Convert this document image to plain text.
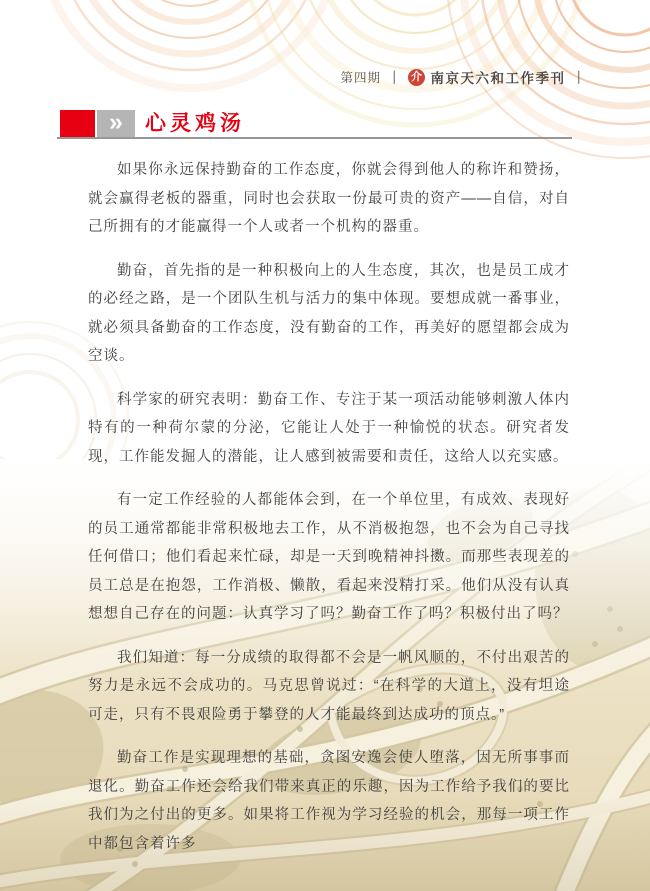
第四期 ｜ 介 南京天六和工作季刊 ｜
» 心灵鸡汤

如果你永远保持勤奋的工作态度，你就会得到他人的称许和赞扬，就会赢得老板的器重，同时也会获取一份最可贵的资产——自信，对自己所拥有的才能赢得一个人或者一个机构的器重。

勤奋，首先指的是一种积极向上的人生态度，其次，也是员工成才的必经之路，是一个团队生机与活力的集中体现。要想成就一番事业，就必须具备勤奋的工作态度，没有勤奋的工作，再美好的愿望都会成为空谈。

科学家的研究表明：勤奋工作、专注于某一项活动能够刺激人体内特有的一种荷尔蒙的分泌，它能让人处于一种愉悦的状态。研究者发现，工作能发掘人的潜能，让人感到被需要和责任，这给人以充实感。

有一定工作经验的人都能体会到，在一个单位里，有成效、表现好的员工通常都能非常积极地去工作，从不消极抱怨，也不会为自己寻找任何借口；他们看起来忙碌，却是一天到晚精神抖擞。而那些表现差的员工总是在抱怨，工作消极、懒散，看起来没精打采。他们从没有认真想想自己存在的问题：认真学习了吗？勤奋工作了吗？积极付出了吗？

我们知道：每一分成绩的取得都不会是一帆风顺的，不付出艰苦的努力是永远不会成功的。马克思曾说过：“在科学的大道上，没有坦途可走，只有不畏艰险勇于攀登的人才能最终到达成功的顶点。”

勤奋工作是实现理想的基础，贪图安逸会使人堕落，因无所事事而退化。勤奋工作还会给我们带来真正的乐趣，因为工作给予我们的要比我们为之付出的更多。如果将工作视为学习经验的机会，那每一项工作中都包含着许多
